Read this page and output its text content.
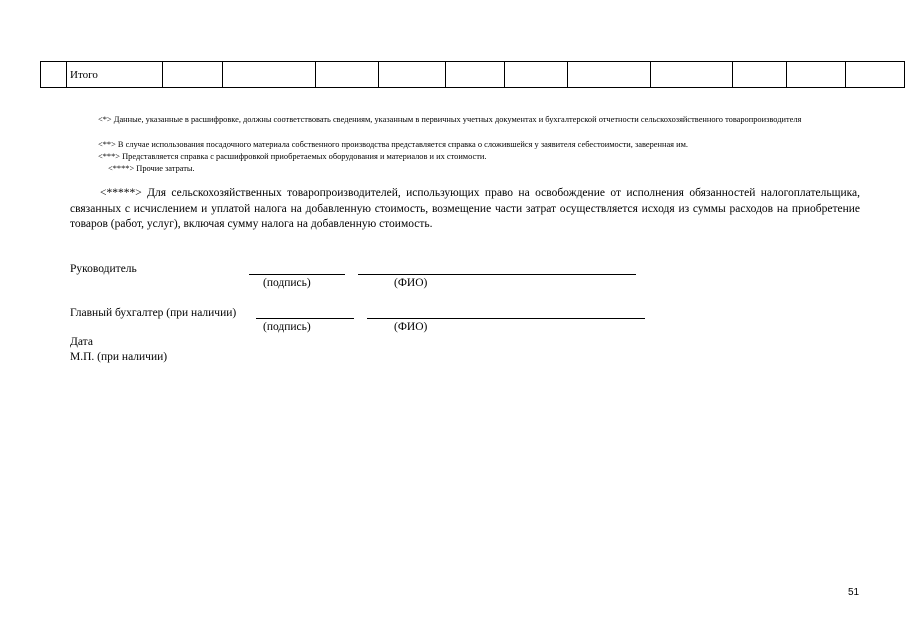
	Итого											
<*> Данные, указанные в расшифровке, должны соответствовать сведениям, указанным в первичных учетных документах и бухгалтерской отчетности сельскохозяйственного товаропроизводителя
<**> В случае использования посадочного материала собственного производства представляется справка о сложившейся у заявителя себестоимости, заверенная им.
<***> Представляется справка с расшифровкой приобретаемых оборудования и материалов и их стоимости.
<****> Прочие затраты.
<*****> Для сельскохозяйственных товаропроизводителей, использующих право на освобождение от исполнения обязанностей налогоплательщика, связанных с исчислением и уплатой налога на добавленную стоимость, возмещение части затрат осуществляется исходя из суммы расходов на приобретение товаров (работ, услуг), включая сумму налога на добавленную стоимость.
Руководитель
(подпись)	(ФИО)
Главный бухгалтер (при наличии)
(подпись)	(ФИО)
Дата
М.П. (при наличии)
51
